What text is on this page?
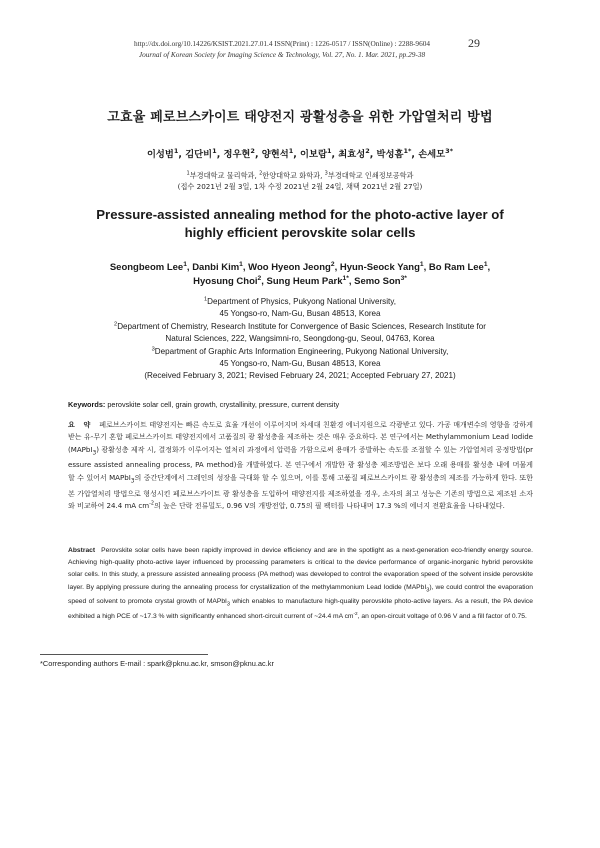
http://dx.doi.org/10.14226/KSIST.2021.27.01.4 ISSN(Print) : 1226-0517 / ISSN(Online) : 2288-9604
Journal of Korean Society for Imaging Science & Technology, Vol. 27, No. 1. Mar. 2021, pp.29-38
29
고효율 페로브스카이트 태양전지 광활성층을 위한 가압열처리 방법
이성범$^1$, 김단비$^1$, 정우현$^2$, 양현석$^1$, 이보람$^1$, 최효성$^2$, 박성흠$^{1*}$, 손세모$^{3*}$
$^1$부경대학교 물리학과, $^2$한양대학교 화학과, $^3$부경대학교 인쇄정보공학과
(접수 2021년 2월 3일, 1차 수정 2021년 2월 24일, 채택 2021년 2월 27일)
Pressure-assisted annealing method for the photo-active layer of
highly efficient perovskite solar cells
Seongbeom Lee$^1$, Danbi Kim$^1$, Woo Hyeon Jeong$^2$, Hyun-Seock Yang$^1$, Bo Ram Lee$^1$,
Hyosung Choi$^2$, Sung Heum Park$^{1*}$, Semo Son$^{3*}$
$^1$Department of Physics, Pukyong National University,
45 Yongso-ro, Nam-Gu, Busan 48513, Korea
$^2$Department of Chemistry, Research Institute for Convergence of Basic Sciences, Research Institute for
Natural Sciences, 222, Wangsimni-ro, Seongdong-gu, Seoul, 04763, Korea
$^3$Department of Graphic Arts Information Engineering, Pukyong National University,
45 Yongso-ro, Nam-Gu, Busan 48513, Korea
(Received February 3, 2021; Revised February 24, 2021; Accepted February 27, 2021)
Keywords: perovskite solar cell, grain growth, crystallinity, pressure, current density
요 약 페로브스카이트 태양전지는 빠른 속도로 효율 개선이 이루어지며 차세대 친환경 에너지원으로 각광받고 있다. 가공 매개변수의 영향을 강하게 받는 유-무기 혼합 페로브스카이트 태양전지에서 고품질의 광 활성층을 제조하는 것은 매우 중요하다. 본 연구에서는 Methylammonium Lead Iodide(MAPbI$_3$) 광활성층 제작 시, 결정화가 이루어지는 열처리 과정에서 압력을 가함으로써 용매가 증발하는 속도를 조절할 수 있는 가압열처리 공정방법(pressure assisted annealing process, PA method)을 개발하였다. 본 연구에서 개발한 광 활성층 제조방법은 보다 오래 용매를 활성층 내에 머물게 할 수 있어서 MAPbI$_3$의 중간단계에서 그레인의 성장을 극대화 할 수 있으며, 이를 통해 고품질 페로브스카이트 광 활성층의 제조를 가능하게 한다. 또한 본 가압열처리 방법으로 형성시킨 페로브스카이트 광 활성층을 도입하여 태양전지를 제조하였을 경우, 소자의 최고 성능은 기존의 방법으로 제조된 소자와 비교하여 24.4 mA $cm^{-2}$의 높은 단락 전류밀도, 0.96 V의 개방전압, 0.75의 필 팩터를 나타내며 17.3 %의 에너지 전환효율을 나타내었다.
Abstract Perovskite solar cells have been rapidly improved in device efficiency and are in the spotlight as a next-generation eco-friendly energy source. Achieving high-quality photo-active layer influenced by processing parameters is critical to the device performance of organic-inorganic hybrid perovskite solar cells. In this study, a pressure assisted annealing process (PA method) was developed to control the evaporation speed of the solvent inside perovskite layer. By applying pressure during the annealing process for crystallization of the methylammonium Lead Iodide (MAPbI$_3$), we could control the evaporation speed of solvent to promote crystal growth of MAPbI$_3$ which enables to manufacture high-quality perovskite photo-active layers. As a result, the PA device exhibited a high PCE of ~17.3 % with significantly enhanced short-circuit current of ~24.4 mA $cm^{-2}$, an open-circuit voltage of 0.96 V and a fill factor of 0.75.
*Corresponding authors E-mail : spark@pknu.ac.kr, smson@pknu.ac.kr
